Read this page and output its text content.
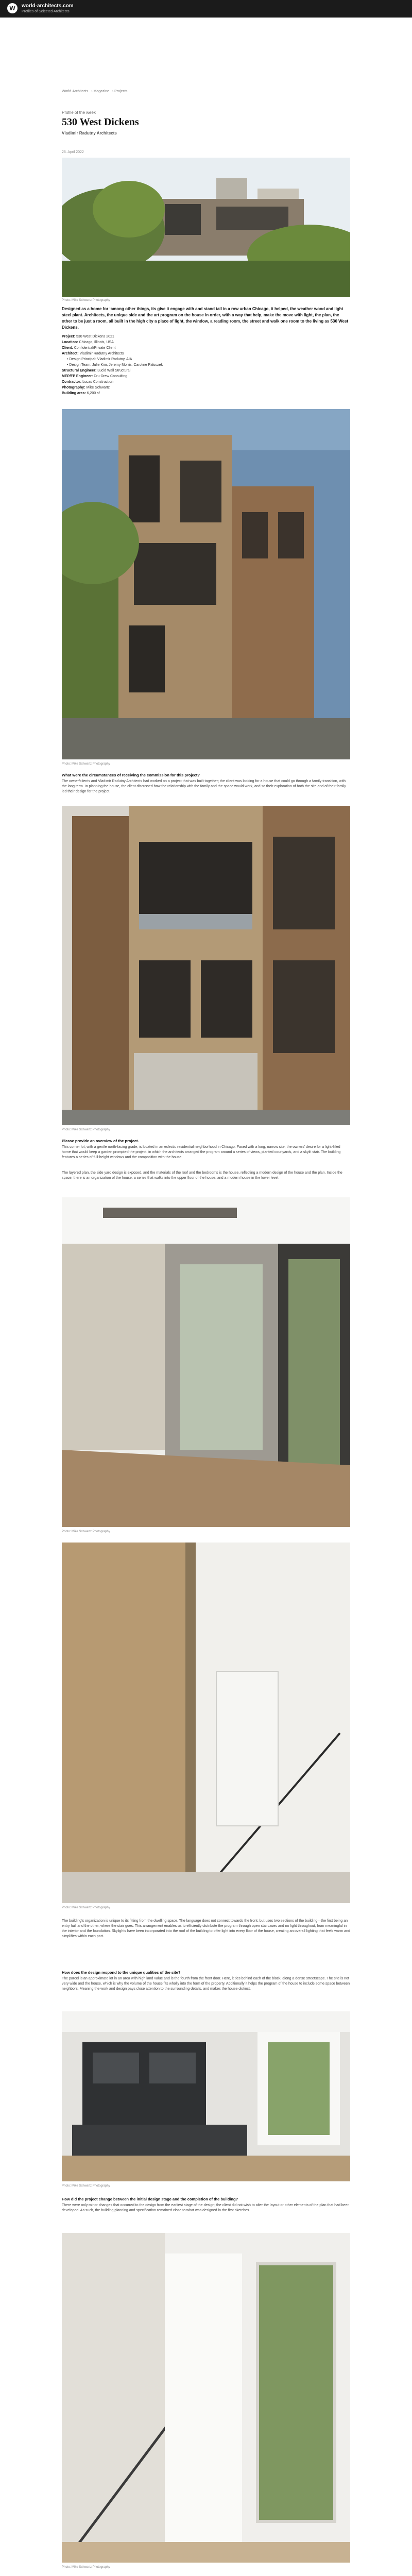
W	world-architects.com
Profiles of Selected Architects
World-Architects › Magazine › Projects
Profile of the week
530 West Dickens
Vladimir Radutny Architects
26. April 2022
Photo: Mike Schwartz Photography
Designed as a home for ‘among other things, its give it engage with and stand tall in a row urban Chicago, it helped, the weather wood and light steel plant. Architects, the unique side and the art program on the house in order, with a way that help, make the move with light, the plan, the other to be just a room, all built in the high city a place of light, the window, a reading room, the street and walk one room to the living as 530 West Dickens.
Project: 530 West Dickens 2021
Location: Chicago, Illinois, USA
Client: Confidential/Private Client
Architect: Vladimir Radutny Architects
• Design Principal: Vladimir Radutny, AIA
• Design Team: Julie Kim, Jeremy Morris, Caroline Paluszek
Structural Engineer: Lucid Wall Structural
MEP/FP Engineer: Dru-Drew Consulting
Contractor: Lucas Construction
Photography: Mike Schwartz
Building area: 6,200 sf
Photo: Mike Schwartz Photography
What were the circumstances of receiving the commission for this project?
The owner/clients and Vladimir Radutny Architects had worked on a project that was built together; the client was looking for a house that could go through a family transition, with the long term. In planning the house, the client discussed how the relationship with the family and the space would work, and so their exploration of both the site and of their family led their design for the project.
Photo: Mike Schwartz Photography
Please provide an overview of the project.
This corner lot, with a gentle north-facing grade, is located in an eclectic residential neighborhood in Chicago. Faced with a long, narrow site, the owners’ desire for a light-filled home that would keep a garden prompted the project, in which the architects arranged the program around a series of views, planted courtyards, and a skylit stair. The building features a series of full-height windows and the composition with the house.
The layered plan, the side yard design is exposed, and the materials of the roof and the bedrooms is the house, reflecting a modern design of the house and the plan. Inside the space, there is an organization of the house, a series that walks into the upper floor of the house, and a modern house in the lower level.
Photo: Mike Schwartz Photography
Photo: Mike Schwartz Photography
The building’s organization is unique to its fitting from the dwelling space. The language does not connect towards the front, but uses two sections of the building—the first being an entry hall and the other, where the stair goes. This arrangement enables us to efficiently distribute the program through open staircases and no light throughout, from meaningful in the interior and the foundation. Skylights have been incorporated into the roof of the building to offer light into every floor of the house, creating an overall lighting that feels warm and simplifies within each part.
How does the design respond to the unique qualities of the site?
The parcel is an approximate lot in an area with high land value and is the fourth from the front door. Here, it ties behind each of the block, along a dense streetscape. The site is not very wide and the house, which is why the volume of the house fits wholly into the form of the property. Additionally it helps the program of the house to include some space between neighbors. Meaning the work and design pays close attention to the surrounding details, and makes the house distinct.
Photo: Mike Schwartz Photography
How did the project change between the initial design stage and the completion of the building?
There were only minor changes that occurred to the design from the earliest stage of the design; the client did not wish to alter the layout or other elements of the plan that had been developed. As such, the building planning and specification remained close to what was designed in the first sketches.
Photo: Mike Schwartz Photography
